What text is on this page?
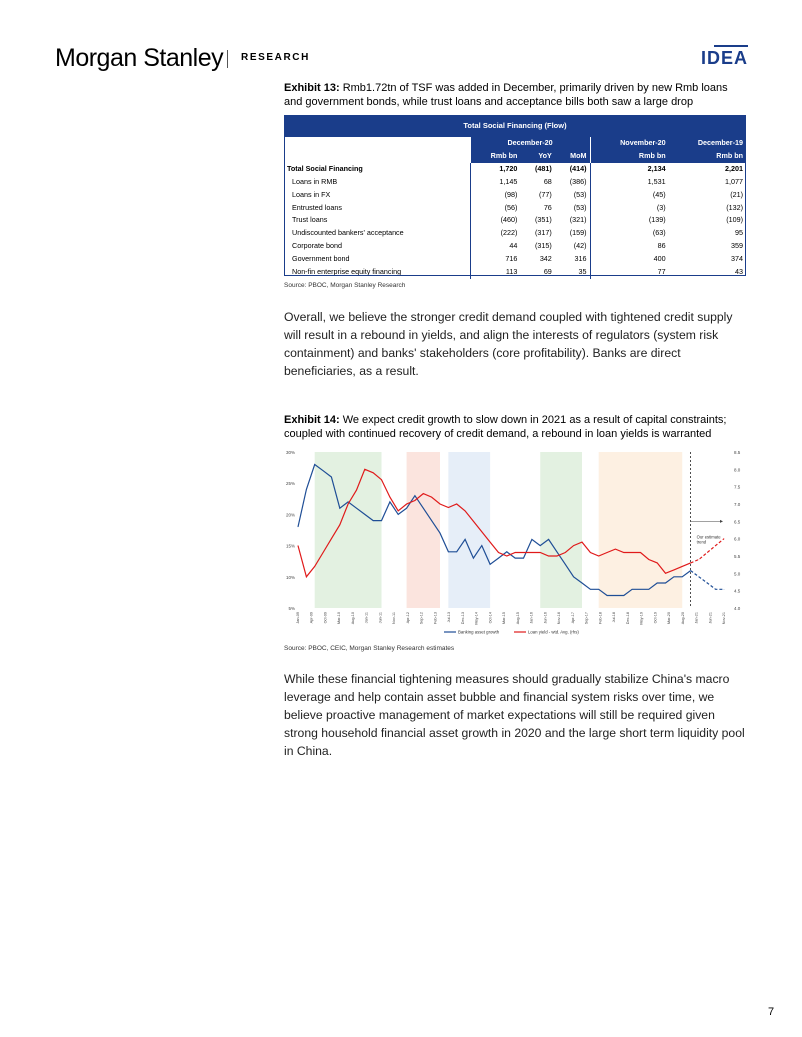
Morgan Stanley RESEARCH	IDEA
Exhibit 13: Rmb1.72tn of TSF was added in December, primarily driven by new Rmb loans and government bonds, while trust loans and acceptance bills both saw a large drop
Total Social Financing (Flow)					
	December-20			November-20	December-19
	Rmb bn	YoY	MoM	Rmb bn	Rmb bn
Total Social Financing	1,720	(481)	(414)	2,134	2,201
Loans in RMB	1,145	68	(386)	1,531	1,077
Loans in FX	(98)	(77)	(53)	(45)	(21)
Entrusted loans	(56)	76	(53)	(3)	(132)
Trust loans	(460)	(351)	(321)	(139)	(109)
Undiscounted bankers' acceptance	(222)	(317)	(159)	(63)	95
Corporate bond	44	(315)	(42)	86	359
Government bond	716	342	316	400	374
Non-fin enterprise equity financing	113	69	35	77	43
Source: PBOC, Morgan Stanley Research
Overall, we believe the stronger credit demand coupled with tightened credit supply will result in a rebound in yields, and align the interests of regulators (system risk containment) and banks' stakeholders (core profitability). Banks are direct beneficiaries, as a result.
Exhibit 14: We expect credit growth to slow down in 2021 as a result of capital constraints; coupled with continued recovery of credit demand, a rebound in loan yields is warranted
5%
10%
15%
20%
25%
30%
4.0
4.5
5.0
5.5
6.0
6.5
7.0
7.5
8.0
8.5
Jan-09	Apr-09	Oct-09	Mar-10	Aug-10	Jan-11	Jun-11	Nov-11	Apr-12	Sep-12	Feb-13	Jul-13	Dec-13	May-14	Oct-14	Mar-15	Aug-15	Jan-16	Jun-16	Nov-16	Apr-17	Sep-17	Feb-18	Jul-18	Dec-18	May-19	Oct-19	Mar-20	Aug-20	Jan-21	Jun-21	Nov-21
Our estimate
trend
Banking asset growth	Loan yield - wtd. Avg. (rhs)
Source: PBOC, CEIC, Morgan Stanley Research estimates
While these financial tightening measures should gradually stabilize China's macro leverage and help contain asset bubble and financial system risks over time, we believe proactive management of market expectations will still be required given strong household financial asset growth in 2020 and the large short term liquidity pool in China.
7
